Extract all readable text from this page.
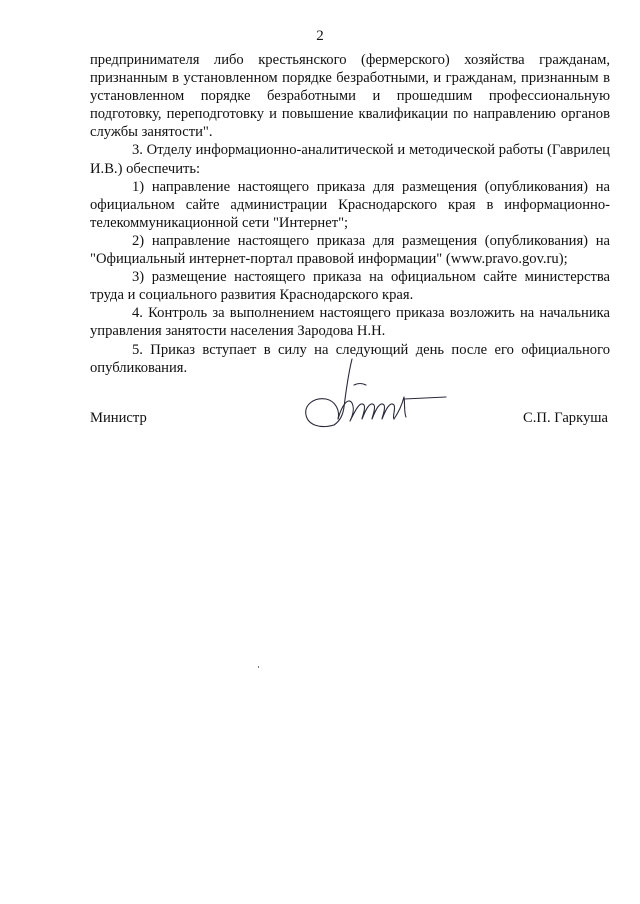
2

предпринимателя либо крестьянского (фермерского) хозяйства гражданам, признанным в установленном порядке безработными, и гражданам, признанным в установленном порядке безработными и прошедшим профессиональную подготовку, переподготовку и повышение квалификации по направлению органов службы занятости".

3. Отделу информационно-аналитической и методической работы (Гаврилец И.В.) обеспечить:

1) направление настоящего приказа для размещения (опубликования) на официальном сайте администрации Краснодарского края в информационно-телекоммуникационной сети "Интернет";

2) направление настоящего приказа для размещения (опубликования) на "Официальный интернет-портал правовой информации" (www.pravo.gov.ru);

3) размещение настоящего приказа на официальном сайте министерства труда и социального развития Краснодарского края.

4. Контроль за выполнением настоящего приказа возложить на начальника управления занятости населения Зародова Н.Н.

5. Приказ вступает в силу на следующий день после его официального опубликования.

Министр	С.П. Гаркуша
